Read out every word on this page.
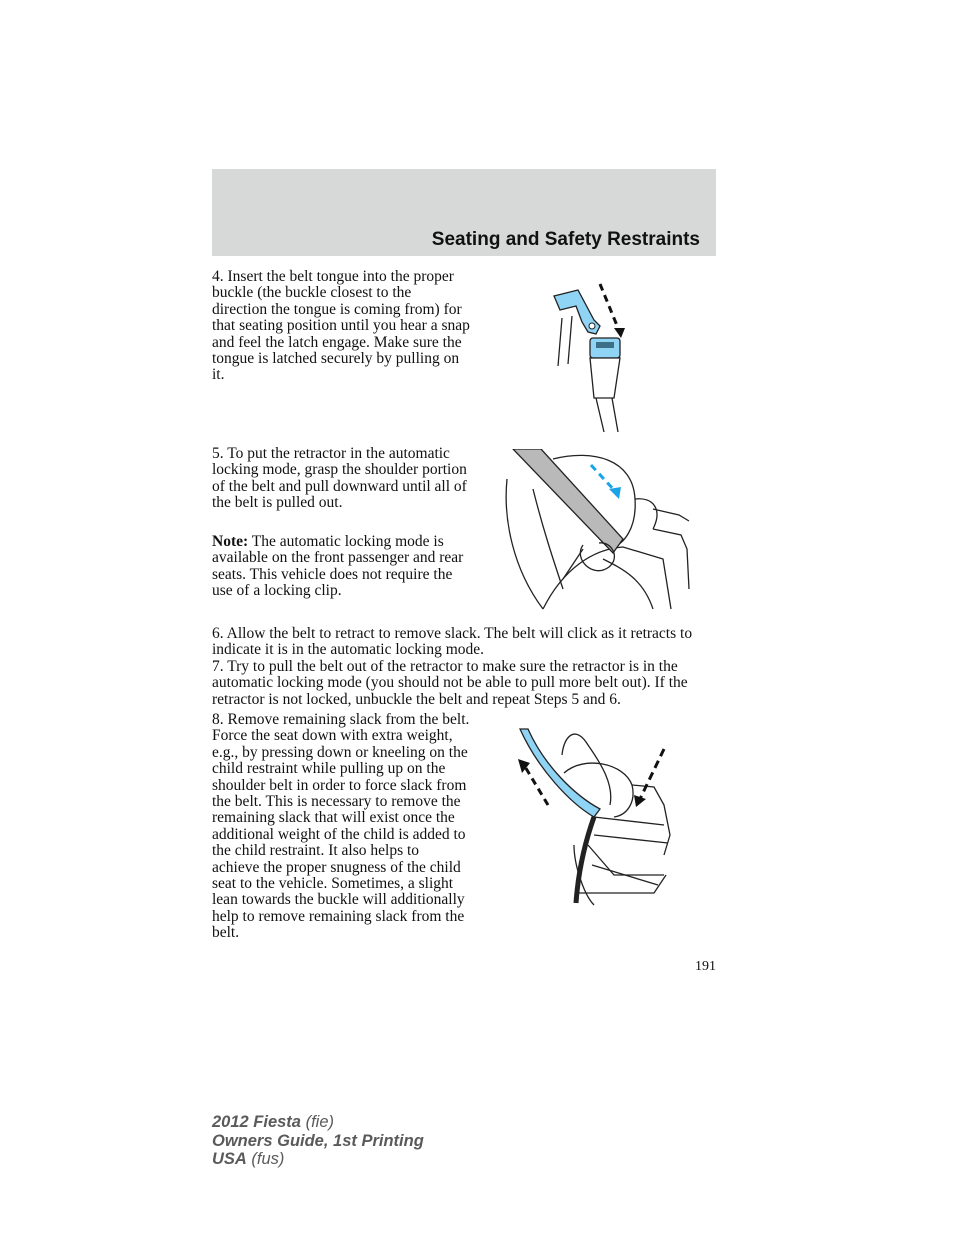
Seating and Safety Restraints

4. Insert the belt tongue into the proper buckle (the buckle closest to the direction the tongue is coming from) for that seating position until you hear a snap and feel the latch engage. Make sure the tongue is latched securely by pulling on it.

5. To put the retractor in the automatic locking mode, grasp the shoulder portion of the belt and pull downward until all of the belt is pulled out.

Note: The automatic locking mode is available on the front passenger and rear seats. This vehicle does not require the use of a locking clip.

6. Allow the belt to retract to remove slack. The belt will click as it retracts to indicate it is in the automatic locking mode.

7. Try to pull the belt out of the retractor to make sure the retractor is in the automatic locking mode (you should not be able to pull more belt out). If the retractor is not locked, unbuckle the belt and repeat Steps 5 and 6.

8. Remove remaining slack from the belt. Force the seat down with extra weight, e.g., by pressing down or kneeling on the child restraint while pulling up on the shoulder belt in order to force slack from the belt. This is necessary to remove the remaining slack that will exist once the additional weight of the child is added to the child restraint. It also helps to achieve the proper snugness of the child seat to the vehicle. Sometimes, a slight lean towards the buckle will additionally help to remove remaining slack from the belt.

191
2012 Fiesta (fie)
Owners Guide, 1st Printing
USA (fus)
